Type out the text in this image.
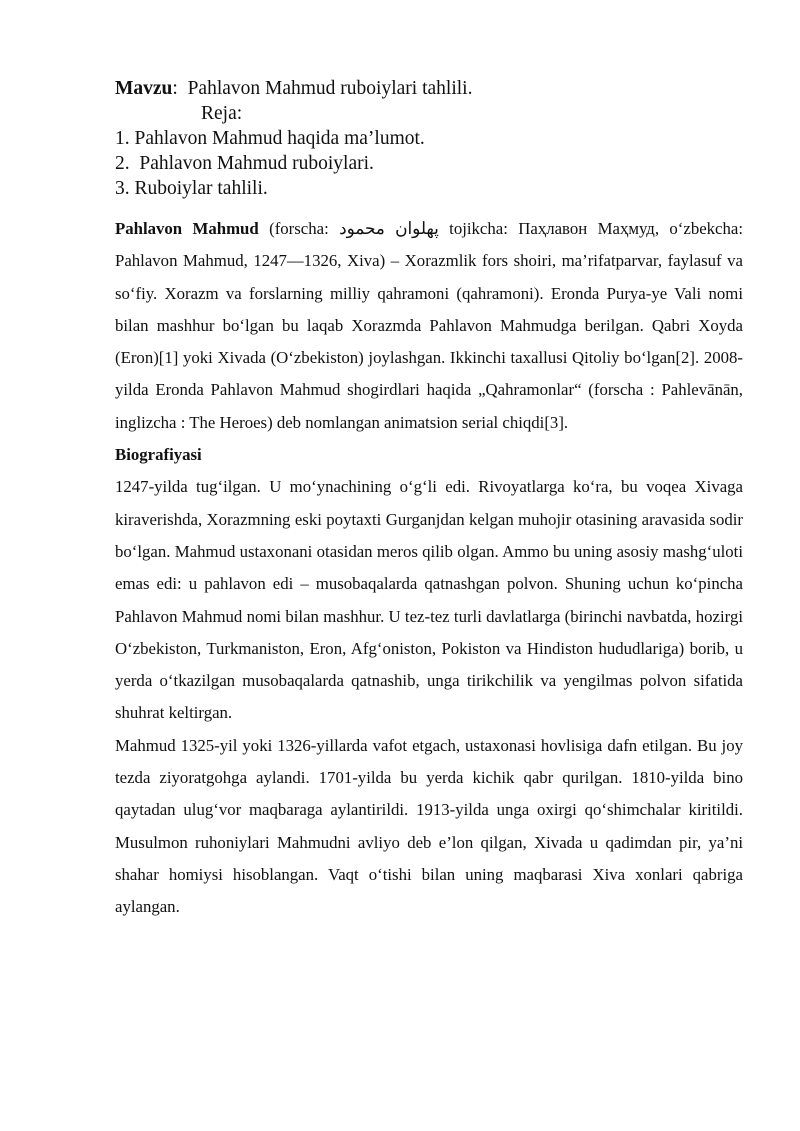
Mavzu:  Pahlavon Mahmud ruboiylari tahlili.
Reja:
1. Pahlavon Mahmud haqida ma’lumot.
2.  Pahlavon Mahmud ruboiylari.
3. Ruboiylar tahlili.

Pahlavon Mahmud (forscha: پهلوان محمود tojikcha: Паҳлавон Маҳмуд, o‘zbekcha: Pahlavon Mahmud, 1247—1326, Xiva) – Xorazmlik fors shoiri, ma’rifatparvar, faylasuf va so‘fiy. Xorazm va forslarning milliy qahramoni (qahramoni). Eronda Purya-ye Vali nomi bilan mashhur bo‘lgan bu laqab Xorazmda Pahlavon Mahmudga berilgan. Qabri Xoyda (Eron)[1] yoki Xivada (O‘zbekiston) joylashgan. Ikkinchi taxallusi Qitoliy bo‘lgan[2]. 2008-yilda Eronda Pahlavon Mahmud shogirdlari haqida „Qahramonlar“ (forscha : Pahlevānān, inglizcha : The Heroes) deb nomlangan animatsion serial chiqdi[3].

Biografiyasi

1247-yilda tug‘ilgan. U mo‘ynachining o‘g‘li edi. Rivoyatlarga ko‘ra, bu voqea Xivaga kiraverishda, Xorazmning eski poytaxti Gurganjdan kelgan muhojir otasining aravasida sodir bo‘lgan. Mahmud ustaxonani otasidan meros qilib olgan. Ammo bu uning asosiy mashg‘uloti emas edi: u pahlavon edi – musobaqalarda qatnashgan polvon. Shuning uchun ko‘pincha Pahlavon Mahmud nomi bilan mashhur. U tez-tez turli davlatlarga (birinchi navbatda, hozirgi O‘zbekiston, Turkmaniston, Eron, Afg‘oniston, Pokiston va Hindiston hududlariga) borib, u yerda o‘tkazilgan musobaqalarda qatnashib, unga tirikchilik va yengilmas polvon sifatida shuhrat keltirgan.

Mahmud 1325-yil yoki 1326-yillarda vafot etgach, ustaxonasi hovlisiga dafn etilgan. Bu joy tezda ziyoratgohga aylandi. 1701-yilda bu yerda kichik qabr qurilgan. 1810-yilda bino qaytadan ulug‘vor maqbaraga aylantirildi. 1913-yilda unga oxirgi qo‘shimchalar kiritildi. Musulmon ruhoniylari Mahmudni avliyo deb e’lon qilgan, Xivada u qadimdan pir, ya’ni shahar homiysi hisoblangan. Vaqt o‘tishi bilan uning maqbarasi Xiva xonlari qabriga aylangan.
